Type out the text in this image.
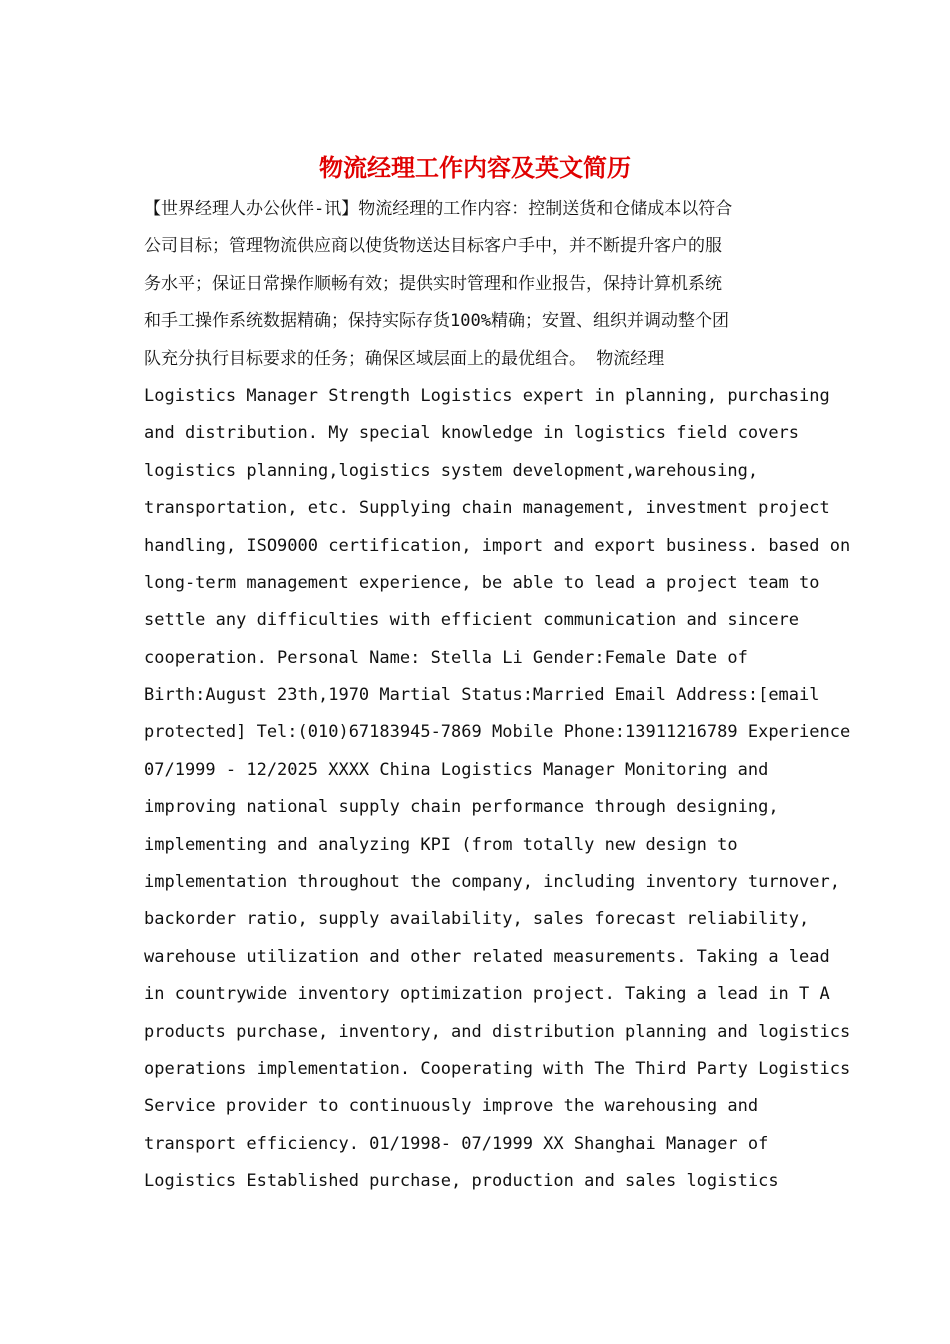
物流经理工作内容及英文简历
【世界经理人办公伙伴-讯】物流经理的工作内容：控制送货和仓储成本以符合
公司目标；管理物流供应商以使货物送达目标客户手中，并不断提升客户的服
务水平；保证日常操作顺畅有效；提供实时管理和作业报告，保持计算机系统
和手工操作系统数据精确；保持实际存货100%精确；安置、组织并调动整个团
队充分执行目标要求的任务；确保区域层面上的最优组合。 物流经理
Logistics Manager Strength Logistics expert in planning, purchasing
and distribution. My special knowledge in logistics field covers
logistics planning,logistics system development,warehousing,
transportation, etc. Supplying chain management, investment project
handling, ISO9000 certification, import and export business. based on
long-term management experience, be able to lead a project team to
settle any difficulties with efficient communication and sincere
cooperation. Personal Name: Stella Li Gender:Female Date of
Birth:August 23th,1970 Martial Status:Married Email Address:[email
protected] Tel:(010)67183945-7869 Mobile Phone:13911216789 Experience
07/1999 - 12/2025 XXXX China Logistics Manager Monitoring and
improving national supply chain performance through designing,
implementing and analyzing KPI (from totally new design to
implementation throughout the company, including inventory turnover,
backorder ratio, supply availability, sales forecast reliability,
warehouse utilization and other related measurements. Taking a lead
in countrywide inventory optimization project. Taking a lead in T A
products purchase, inventory, and distribution planning and logistics
operations implementation. Cooperating with The Third Party Logistics
Service provider to continuously improve the warehousing and
transport efficiency. 01/1998- 07/1999 XX Shanghai Manager of
Logistics Established purchase, production and sales logistics
